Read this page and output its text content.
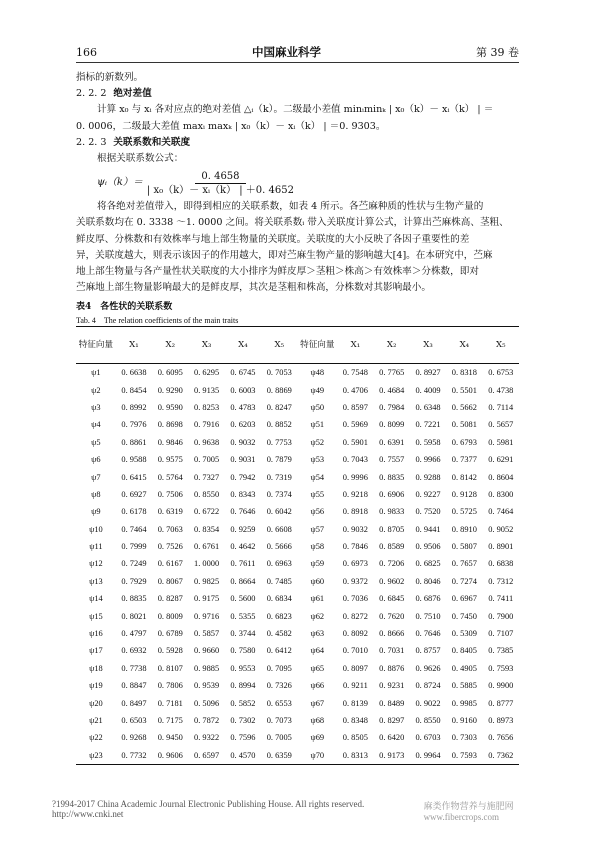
166	中国麻业科学	第 39 卷

指标的新数列。

2. 2. 2 绝对差值

计算 x₀ 与 xᵢ 各对应点的绝对差值 △ᵢ（k）。二级最小差值 minᵢminₖ | x₀（k）－ xᵢ（k） | ＝

0. 0006，二级最大差值 maxᵢ maxₖ | x₀（k）－ xᵢ（k） | ＝0. 9303。

2. 2. 3 关联系数和关联度

根据关联系数公式：

ψᵢ（k）＝ $\frac{0. 4658}{\text{| x₀（k）－ xᵢ（k） | ＋0. 4652}}$

将各绝对差值带入，即得到相应的关联系数，如表 4 所示。各苎麻种质的性状与生物产量的

关联系数均在 0. 3338 ～1. 0000 之间。将关联系数ᵢ 带入关联度计算公式，计算出苎麻株高、茎粗、

鲜皮厚、分株数和有效株率与地上部生物量的关联度。关联度的大小反映了各因子重要性的差

异，关联度越大，则表示该因子的作用越大，即对苎麻生物产量的影响越大[4]。在本研究中，苎麻

地上部生物量与各产量性状关联度的大小排序为鲜皮厚＞茎粗＞株高＞有效株率＞分株数，即对

苎麻地上部生物量影响最大的是鲜皮厚，其次是茎粗和株高，分株数对其影响最小。

表4　各性状的关联系数

Tab. 4　The relation coefficients of the main traits

特征向量	X₁	X₂	X₃	X₄	X₅	特征向量	X₁	X₂	X₃	X₄	X₅
ψ1	0. 6638	0. 6095	0. 6295	0. 6745	0. 7053	ψ48	0. 7548	0. 7765	0. 8927	0. 8318	0. 6753
ψ2	0. 8454	0. 9290	0. 9135	0. 6003	0. 8869	ψ49	0. 4706	0. 4684	0. 4009	0. 5501	0. 4738
ψ3	0. 8992	0. 9590	0. 8253	0. 4783	0. 8247	ψ50	0. 8597	0. 7984	0. 6348	0. 5662	0. 7114
ψ4	0. 7976	0. 8698	0. 7916	0. 6203	0. 8852	ψ51	0. 5969	0. 8099	0. 7221	0. 5081	0. 5657
ψ5	0. 8861	0. 9846	0. 9638	0. 9032	0. 7753	ψ52	0. 5901	0. 6391	0. 5958	0. 6793	0. 5981
ψ6	0. 9588	0. 9575	0. 7005	0. 9031	0. 7879	ψ53	0. 7043	0. 7557	0. 9966	0. 7377	0. 6291
ψ7	0. 6415	0. 5764	0. 7327	0. 7942	0. 7319	ψ54	0. 9996	0. 8835	0. 9288	0. 8142	0. 8604
ψ8	0. 6927	0. 7506	0. 8550	0. 8343	0. 7374	ψ55	0. 9218	0. 6906	0. 9227	0. 9128	0. 8300
ψ9	0. 6178	0. 6319	0. 6722	0. 7646	0. 6042	ψ56	0. 8918	0. 9833	0. 7520	0. 5725	0. 7464
ψ10	0. 7464	0. 7063	0. 8354	0. 9259	0. 6608	ψ57	0. 9032	0. 8705	0. 9441	0. 8910	0. 9052
ψ11	0. 7999	0. 7526	0. 6761	0. 4642	0. 5666	ψ58	0. 7846	0. 8589	0. 9506	0. 5807	0. 8901
ψ12	0. 7249	0. 6167	1. 0000	0. 7611	0. 6963	ψ59	0. 6973	0. 7206	0. 6825	0. 7657	0. 6838
ψ13	0. 7929	0. 8067	0. 9825	0. 8664	0. 7485	ψ60	0. 9372	0. 9602	0. 8046	0. 7274	0. 7312
ψ14	0. 8835	0. 8287	0. 9175	0. 5600	0. 6834	ψ61	0. 7036	0. 6845	0. 6876	0. 6967	0. 7411
ψ15	0. 8021	0. 8009	0. 9716	0. 5355	0. 6823	ψ62	0. 8272	0. 7620	0. 7510	0. 7450	0. 7900
ψ16	0. 4797	0. 6789	0. 5857	0. 3744	0. 4582	ψ63	0. 8092	0. 8666	0. 7646	0. 5309	0. 7107
ψ17	0. 6932	0. 5928	0. 9660	0. 7580	0. 6412	ψ64	0. 7010	0. 7031	0. 8757	0. 8405	0. 7385
ψ18	0. 7738	0. 8107	0. 9885	0. 9553	0. 7095	ψ65	0. 8097	0. 8876	0. 9626	0. 4905	0. 7593
ψ19	0. 8847	0. 7806	0. 9539	0. 8994	0. 7326	ψ66	0. 9211	0. 9231	0. 8724	0. 5885	0. 9900
ψ20	0. 8497	0. 7181	0. 5096	0. 5852	0. 6553	ψ67	0. 8139	0. 8489	0. 9022	0. 9985	0. 8777
ψ21	0. 6503	0. 7175	0. 7872	0. 7302	0. 7073	ψ68	0. 8348	0. 8297	0. 8550	0. 9160	0. 8973
ψ22	0. 9268	0. 9450	0. 9322	0. 7596	0. 7005	ψ69	0. 8505	0. 6420	0. 6703	0. 7303	0. 7656
ψ23	0. 7732	0. 9606	0. 6597	0. 4570	0. 6359	ψ70	0. 8313	0. 9173	0. 9964	0. 7593	0. 7362
?1994-2017 China Academic Journal Electronic Publishing House. All rights reserved. http://www.cnki.net
麻类作物营养与施肥网 www.fibercrops.com
